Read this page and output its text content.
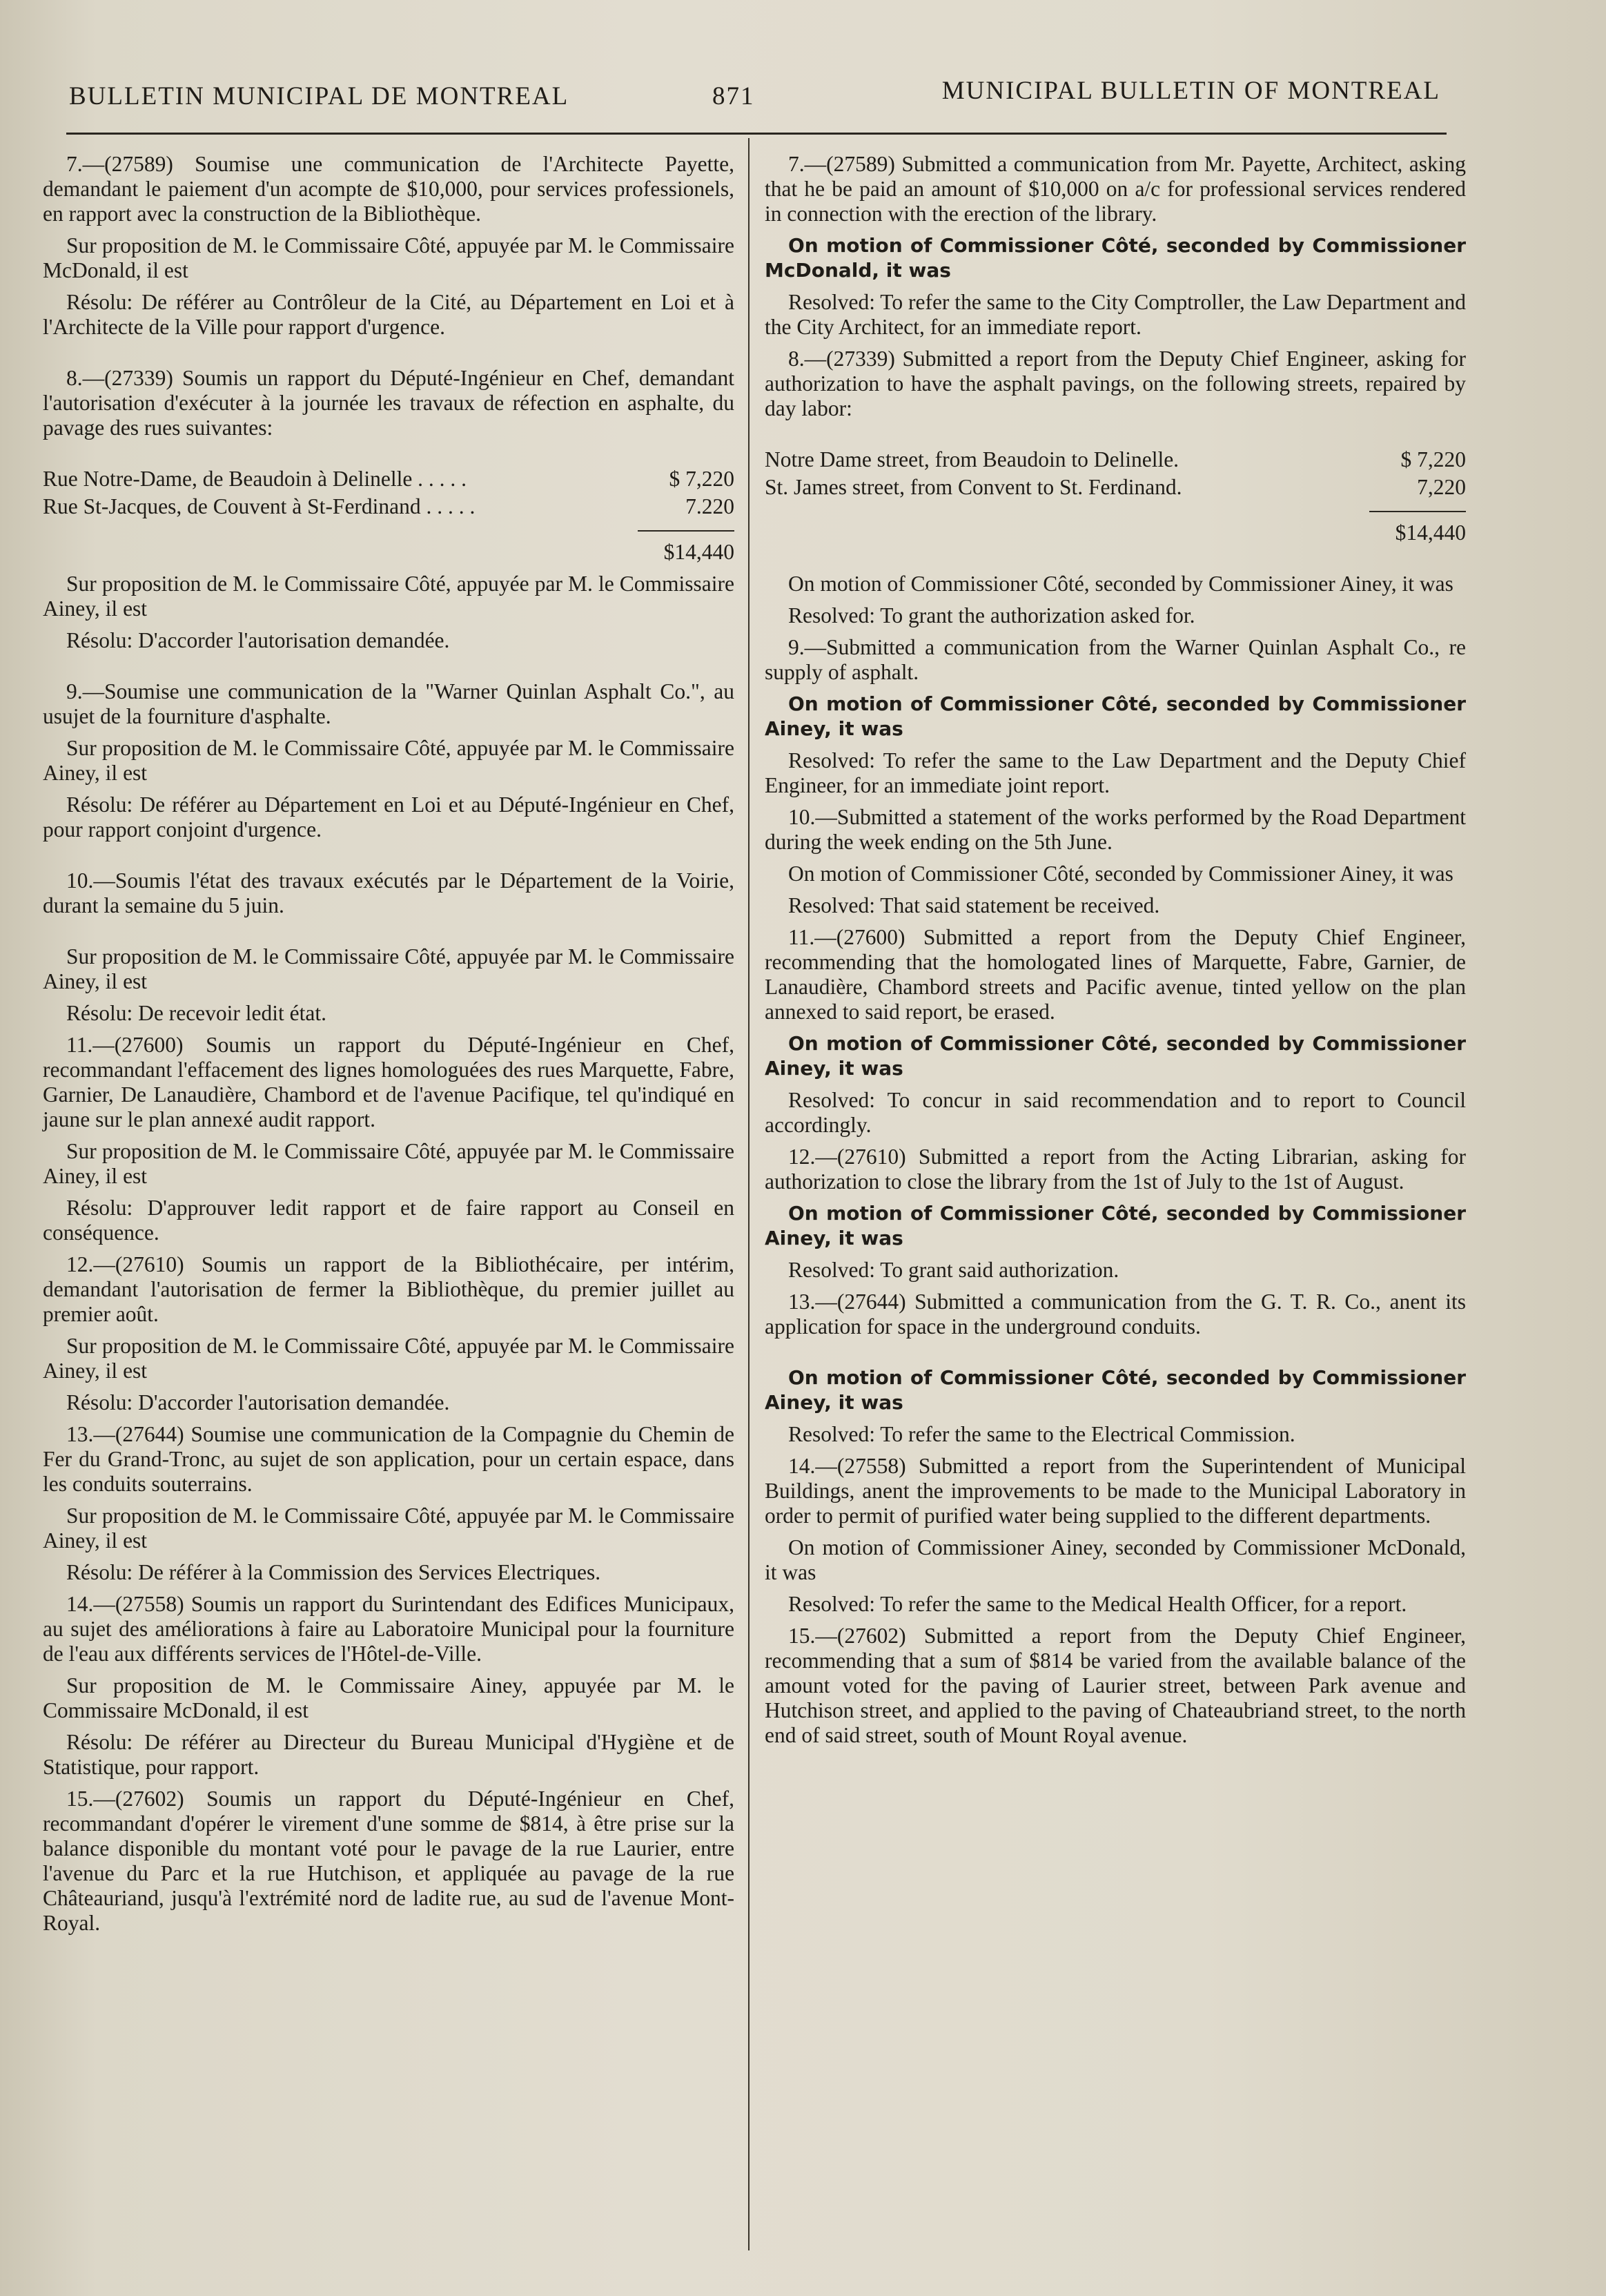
BULLETIN MUNICIPAL DE MONTREAL	871	MUNICIPAL BULLETIN OF MONTREAL

7.—(27589) Soumise une communication de l'Architecte Payette, demandant le paiement d'un acompte de $10,000, pour services professionels, en rapport avec la construction de la Bibliothèque.

Sur proposition de M. le Commissaire Côté, appuyée par M. le Commissaire McDonald, il est

Résolu: De référer au Contrôleur de la Cité, au Département en Loi et à l'Architecte de la Ville pour rapport d'urgence.

8.—(27339) Soumis un rapport du Député-Ingénieur en Chef, demandant l'autorisation d'exécuter à la journée les travaux de réfection en asphalte, du pavage des rues suivantes:

Rue Notre-Dame, de Beaudoin à Delinelle . . . . .	$ 7,220
Rue St-Jacques, de Couvent à St-Ferdinand . . . . .	7.220
$14,440

Sur proposition de M. le Commissaire Côté, appuyée par M. le Commissaire Ainey, il est

Résolu: D'accorder l'autorisation demandée.

9.—Soumise une communication de la "Warner Quinlan Asphalt Co.", au usujet de la fourniture d'asphalte.

Sur proposition de M. le Commissaire Côté, appuyée par M. le Commissaire Ainey, il est

Résolu: De référer au Département en Loi et au Député-Ingénieur en Chef, pour rapport conjoint d'urgence.

10.—Soumis l'état des travaux exécutés par le Département de la Voirie, durant la semaine du 5 juin.

Sur proposition de M. le Commissaire Côté, appuyée par M. le Commissaire Ainey, il est

Résolu: De recevoir ledit état.

11.—(27600) Soumis un rapport du Député-Ingénieur en Chef, recommandant l'effacement des lignes homologuées des rues Marquette, Fabre, Garnier, De Lanaudière, Chambord et de l'avenue Pacifique, tel qu'indiqué en jaune sur le plan annexé audit rapport.

Sur proposition de M. le Commissaire Côté, appuyée par M. le Commissaire Ainey, il est

Résolu: D'approuver ledit rapport et de faire rapport au Conseil en conséquence.

12.—(27610) Soumis un rapport de la Bibliothécaire, per intérim, demandant l'autorisation de fermer la Bibliothèque, du premier juillet au premier août.

Sur proposition de M. le Commissaire Côté, appuyée par M. le Commissaire Ainey, il est

Résolu: D'accorder l'autorisation demandée.

13.—(27644) Soumise une communication de la Compagnie du Chemin de Fer du Grand-Tronc, au sujet de son application, pour un certain espace, dans les conduits souterrains.

Sur proposition de M. le Commissaire Côté, appuyée par M. le Commissaire Ainey, il est

Résolu: De référer à la Commission des Services Electriques.

14.—(27558) Soumis un rapport du Surintendant des Edifices Municipaux, au sujet des améliorations à faire au Laboratoire Municipal pour la fourniture de l'eau aux différents services de l'Hôtel-de-Ville.

Sur proposition de M. le Commissaire Ainey, appuyée par M. le Commissaire McDonald, il est

Résolu: De référer au Directeur du Bureau Municipal d'Hygiène et de Statistique, pour rapport.

15.—(27602) Soumis un rapport du Député-Ingénieur en Chef, recommandant d'opérer le virement d'une somme de $814, à être prise sur la balance disponible du montant voté pour le pavage de la rue Laurier, entre l'avenue du Parc et la rue Hutchison, et appliquée au pavage de la rue Châteauriand, jusqu'à l'extrémité nord de ladite rue, au sud de l'avenue Mont-Royal.

7.—(27589) Submitted a communication from Mr. Payette, Architect, asking that he be paid an amount of $10,000 on a/c for professional services rendered in connection with the erection of the library.

On motion of Commissioner Côté, seconded by Commissioner McDonald, it was

Resolved: To refer the same to the City Comptroller, the Law Department and the City Architect, for an immediate report.

8.—(27339) Submitted a report from the Deputy Chief Engineer, asking for authorization to have the asphalt pavings, on the following streets, repaired by day labor:

Notre Dame street, from Beaudoin to Delinelle.	$ 7,220
St. James street, from Convent to St. Ferdinand.	7,220
$14,440

On motion of Commissioner Côté, seconded by Commissioner Ainey, it was

Resolved: To grant the authorization asked for.

9.—Submitted a communication from the Warner Quinlan Asphalt Co., re supply of asphalt.

On motion of Commissioner Côté, seconded by Commissioner Ainey, it was

Resolved: To refer the same to the Law Department and the Deputy Chief Engineer, for an immediate joint report.

10.—Submitted a statement of the works performed by the Road Department during the week ending on the 5th June.

On motion of Commissioner Côté, seconded by Commissioner Ainey, it was

Resolved: That said statement be received.

11.—(27600) Submitted a report from the Deputy Chief Engineer, recommending that the homologated lines of Marquette, Fabre, Garnier, de Lanaudière, Chambord streets and Pacific avenue, tinted yellow on the plan annexed to said report, be erased.

On motion of Commissioner Côté, seconded by Commissioner Ainey, it was

Resolved: To concur in said recommendation and to report to Council accordingly.

12.—(27610) Submitted a report from the Acting Librarian, asking for authorization to close the library from the 1st of July to the 1st of August.

On motion of Commissioner Côté, seconded by Commissioner Ainey, it was

Resolved: To grant said authorization.

13.—(27644) Submitted a communication from the G. T. R. Co., anent its application for space in the underground conduits.

On motion of Commissioner Côté, seconded by Commissioner Ainey, it was

Resolved: To refer the same to the Electrical Commission.

14.—(27558) Submitted a report from the Superintendent of Municipal Buildings, anent the improvements to be made to the Municipal Laboratory in order to permit of purified water being supplied to the different departments.

On motion of Commissioner Ainey, seconded by Commissioner McDonald, it was

Resolved: To refer the same to the Medical Health Officer, for a report.

15.—(27602) Submitted a report from the Deputy Chief Engineer, recommending that a sum of $814 be varied from the available balance of the amount voted for the paving of Laurier street, between Park avenue and Hutchison street, and applied to the paving of Chateaubriand street, to the north end of said street, south of Mount Royal avenue.
